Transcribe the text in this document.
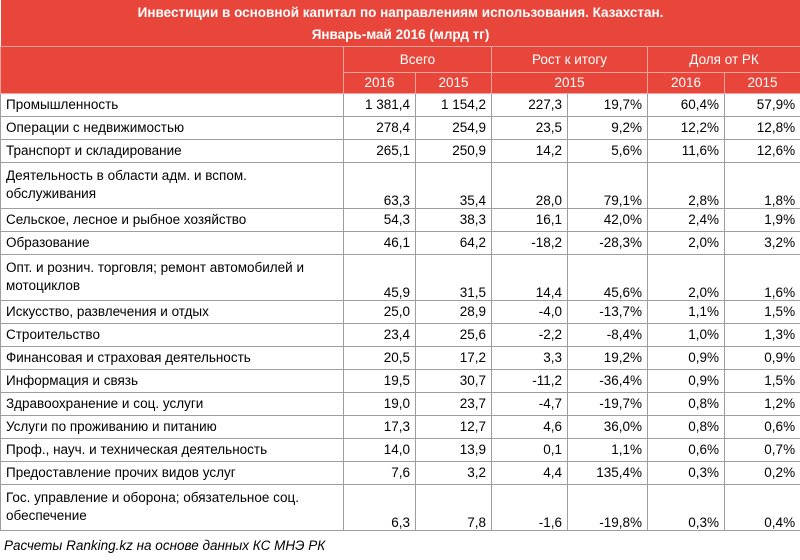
Инвестиции в основной капитал по направлениям использования. Казахстан.						
Январь-май 2016 (млрд тг)						
	Всего		Рост к итогу		Доля от РК	
	2016	2015	2015		2016	2015
Промышленность	1 381,4	1 154,2	227,3	19,7%	60,4%	57,9%
Операции с недвижимостью	278,4	254,9	23,5	9,2%	12,2%	12,8%
Транспорт и складирование	265,1	250,9	14,2	5,6%	11,6%	12,6%
Деятельность в области адм. и вспом. обслуживания	63,3	35,4	28,0	79,1%	2,8%	1,8%
Сельское, лесное и рыбное хозяйство	54,3	38,3	16,1	42,0%	2,4%	1,9%
Образование	46,1	64,2	-18,2	-28,3%	2,0%	3,2%
Опт. и рознич. торговля; ремонт автомобилей и мотоциклов	45,9	31,5	14,4	45,6%	2,0%	1,6%
Искусство, развлечения и отдых	25,0	28,9	-4,0	-13,7%	1,1%	1,5%
Строительство	23,4	25,6	-2,2	-8,4%	1,0%	1,3%
Финансовая и страховая деятельность	20,5	17,2	3,3	19,2%	0,9%	0,9%
Информация и связь	19,5	30,7	-11,2	-36,4%	0,9%	1,5%
Здравоохранение и соц. услуги	19,0	23,7	-4,7	-19,7%	0,8%	1,2%
Услуги по проживанию и питанию	17,3	12,7	4,6	36,0%	0,8%	0,6%
Проф., науч. и техническая деятельность	14,0	13,9	0,1	1,1%	0,6%	0,7%
Предоставление прочих видов услуг	7,6	3,2	4,4	135,4%	0,3%	0,2%
Гос. управление и оборона; обязательное соц. обеспечение	6,3	7,8	-1,6	-19,8%	0,3%	0,4%
Расчеты Ranking.kz на основе данных КС МНЭ РК
